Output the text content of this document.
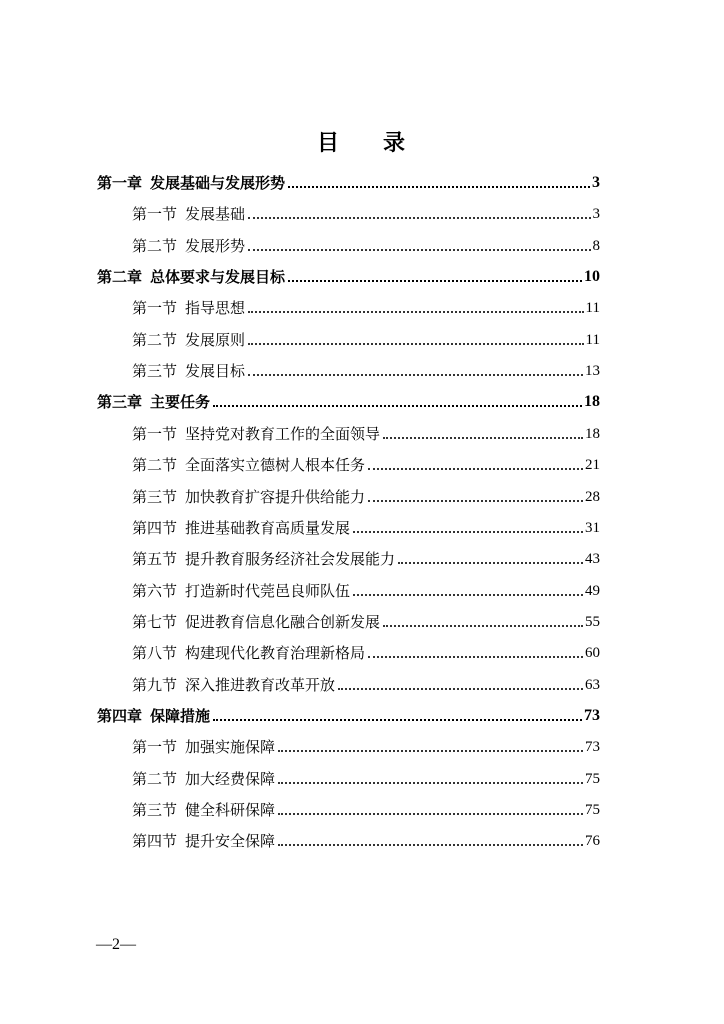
目 录
第一章 发展基础与发展形势	3
第一节 发展基础	3
第二节 发展形势	8
第二章 总体要求与发展目标	10
第一节 指导思想	11
第二节 发展原则	11
第三节 发展目标	13
第三章 主要任务	18
第一节 坚持党对教育工作的全面领导	18
第二节 全面落实立德树人根本任务	21
第三节 加快教育扩容提升供给能力	28
第四节 推进基础教育高质量发展	31
第五节 提升教育服务经济社会发展能力	43
第六节 打造新时代莞邑良师队伍	49
第七节 促进教育信息化融合创新发展	55
第八节 构建现代化教育治理新格局	60
第九节 深入推进教育改革开放	63
第四章 保障措施	73
第一节 加强实施保障	73
第二节 加大经费保障	75
第三节 健全科研保障	75
第四节 提升安全保障	76
—2—
